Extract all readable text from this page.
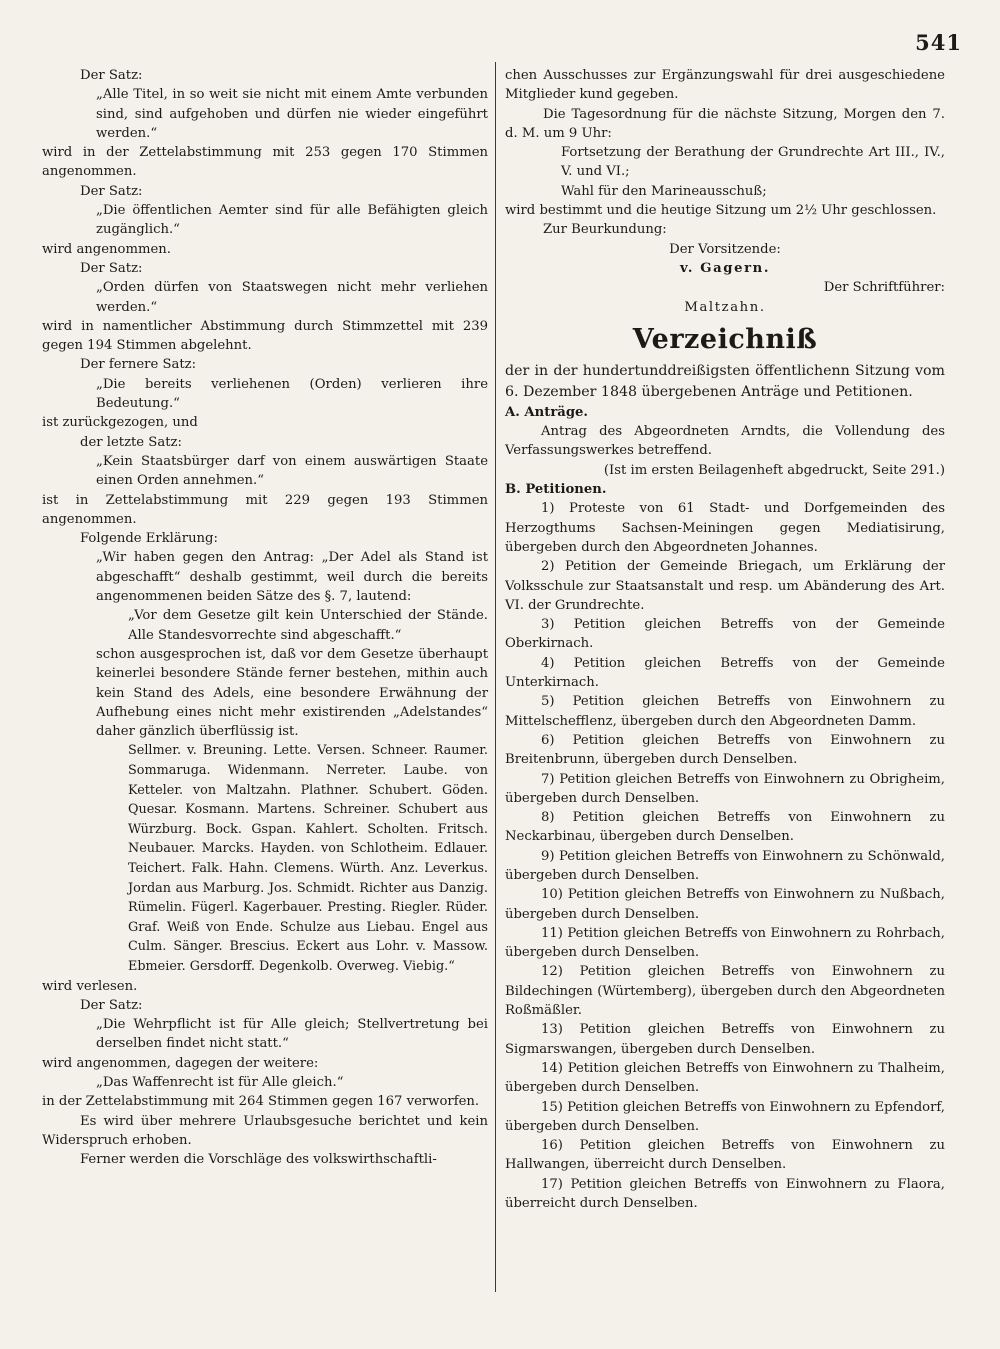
541

Der Satz:

„Alle Titel, in so weit sie nicht mit einem Amte verbunden sind, sind aufgehoben und dürfen nie wieder eingeführt werden.“

wird in der Zettelabstimmung mit 253 gegen 170 Stimmen angenommen.

Der Satz:

„Die öffentlichen Aemter sind für alle Befähigten gleich zugänglich.“

wird angenommen.

Der Satz:

„Orden dürfen von Staatswegen nicht mehr verliehen werden.“

wird in namentlicher Abstimmung durch Stimmzettel mit 239 gegen 194 Stimmen abgelehnt.

Der fernere Satz:

„Die bereits verliehenen (Orden) verlieren ihre Bedeutung.“

ist zurückgezogen, und

der letzte Satz:

„Kein Staatsbürger darf von einem auswärtigen Staate einen Orden annehmen.“

ist in Zettelabstimmung mit 229 gegen 193 Stimmen angenommen.

Folgende Erklärung:

„Wir haben gegen den Antrag: „Der Adel als Stand ist abgeschafft“ deshalb gestimmt, weil durch die bereits angenommenen beiden Sätze des §. 7, lautend:

„Vor dem Gesetze gilt kein Unterschied der Stände. Alle Standesvorrechte sind abgeschafft.“

schon ausgesprochen ist, daß vor dem Gesetze überhaupt keinerlei besondere Stände ferner bestehen, mithin auch kein Stand des Adels, eine besondere Erwähnung der Aufhebung eines nicht mehr existirenden „Adelstandes“ daher gänzlich überflüssig ist.

Sellmer. v. Breuning. Lette. Versen. Schneer. Raumer. Sommaruga. Widenmann. Nerreter. Laube. von Ketteler. von Maltzahn. Plathner. Schubert. Göden. Quesar. Kosmann. Martens. Schreiner. Schubert aus Würzburg. Bock. Gspan. Kahlert. Scholten. Fritsch. Neubauer. Marcks. Hayden. von Schlotheim. Edlauer. Teichert. Falk. Hahn. Clemens. Würth. Anz. Leverkus. Jordan aus Marburg. Jos. Schmidt. Richter aus Danzig. Rümelin. Fügerl. Kagerbauer. Presting. Riegler. Rüder. Graf. Weiß von Ende. Schulze aus Liebau. Engel aus Culm. Sänger. Brescius. Eckert aus Lohr. v. Massow. Ebmeier. Gersdorff. Degenkolb. Overweg. Viebig.“

wird verlesen.

Der Satz:

„Die Wehrpflicht ist für Alle gleich; Stellvertretung bei derselben findet nicht statt.“

wird angenommen, dagegen der weitere:

„Das Waffenrecht ist für Alle gleich.“

in der Zettelabstimmung mit 264 Stimmen gegen 167 verworfen.

Es wird über mehrere Urlaubsgesuche berichtet und kein Widerspruch erhoben.

Ferner werden die Vorschläge des volkswirthschaftli-

chen Ausschusses zur Ergänzungswahl für drei ausgeschiedene Mitglieder kund gegeben.

Die Tagesordnung für die nächste Sitzung, Morgen den 7. d. M. um 9 Uhr:

Fortsetzung der Berathung der Grundrechte Art III., IV., V. und VI.;

Wahl für den Marineausschuß;

wird bestimmt und die heutige Sitzung um 2½ Uhr geschlossen.

Zur Beurkundung:

Der Vorsitzende:

v. Gagern.

Der Schriftführer:

Maltzahn.

Verzeichniß

der in der hundertunddreißigsten öffentlichenn Sitzung vom 6. Dezember 1848 übergebenen Anträge und Petitionen.

A. Anträge.

Antrag des Abgeordneten Arndts, die Vollendung des Verfassungswerkes betreffend.

(Ist im ersten Beilagenheft abgedruckt, Seite 291.)

B. Petitionen.

1) Proteste von 61 Stadt- und Dorfgemeinden des Herzogthums Sachsen-Meiningen gegen Mediatisirung, übergeben durch den Abgeordneten Johannes.

2) Petition der Gemeinde Briegach, um Erklärung der Volksschule zur Staatsanstalt und resp. um Abänderung des Art. VI. der Grundrechte.

3) Petition gleichen Betreffs von der Gemeinde Oberkirnach.

4) Petition gleichen Betreffs von der Gemeinde Unterkirnach.

5) Petition gleichen Betreffs von Einwohnern zu Mittelschefflenz, übergeben durch den Abgeordneten Damm.

6) Petition gleichen Betreffs von Einwohnern zu Breitenbrunn, übergeben durch Denselben.

7) Petition gleichen Betreffs von Einwohnern zu Obrigheim, übergeben durch Denselben.

8) Petition gleichen Betreffs von Einwohnern zu Neckarbinau, übergeben durch Denselben.

9) Petition gleichen Betreffs von Einwohnern zu Schönwald, übergeben durch Denselben.

10) Petition gleichen Betreffs von Einwohnern zu Nußbach, übergeben durch Denselben.

11) Petition gleichen Betreffs von Einwohnern zu Rohrbach, übergeben durch Denselben.

12) Petition gleichen Betreffs von Einwohnern zu Bildechingen (Würtemberg), übergeben durch den Abgeordneten Roßmäßler.

13) Petition gleichen Betreffs von Einwohnern zu Sigmarswangen, übergeben durch Denselben.

14) Petition gleichen Betreffs von Einwohnern zu Thalheim, übergeben durch Denselben.

15) Petition gleichen Betreffs von Einwohnern zu Epfendorf, übergeben durch Denselben.

16) Petition gleichen Betreffs von Einwohnern zu Hallwangen, überreicht durch Denselben.

17) Petition gleichen Betreffs von Einwohnern zu Flaora, überreicht durch Denselben.
